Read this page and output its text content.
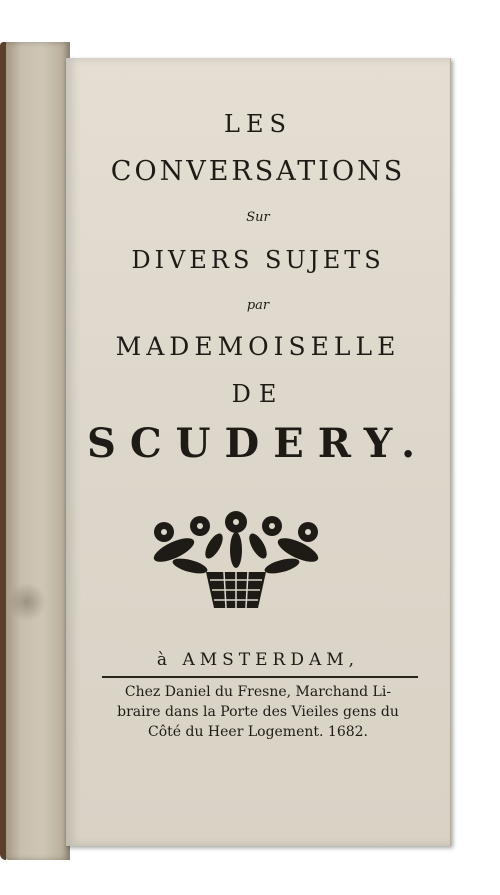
LES
CONVERSATIONS
Sur
DIVERS SUJETS
par
MADEMOISELLE
DE
SCUDERY.
à AMSTERDAM,
Chez Daniel du Fresne, Marchand Li-
braire dans la Porte des Vieiles gens du
Côté du Heer Logement. 1682.
